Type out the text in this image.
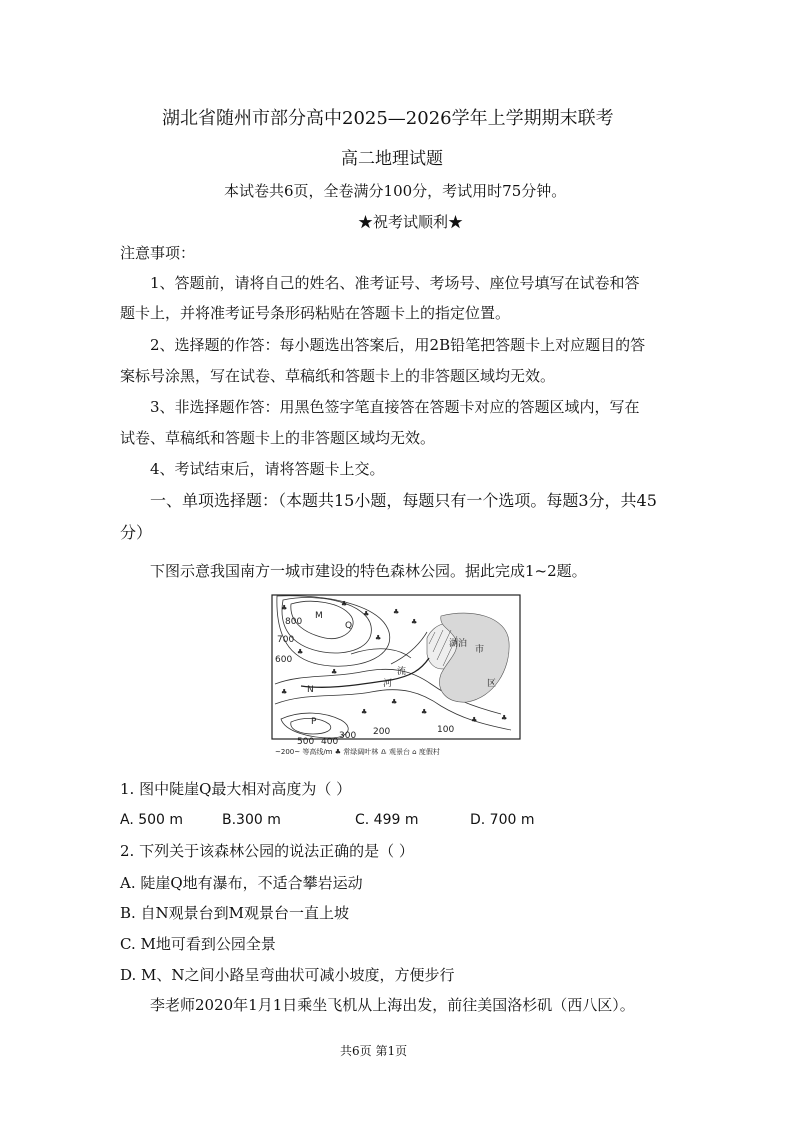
湖北省随州市部分高中2025—2026学年上学期期末联考
高二地理试题
本试卷共6页，全卷满分100分，考试用时75分钟。
★祝考试顺利★
注意事项：
1、答题前，请将自己的姓名、准考证号、考场号、座位号填写在试卷和答
题卡上，并将准考证号条形码粘贴在答题卡上的指定位置。
2、选择题的作答：每小题选出答案后，用2B铅笔把答题卡上对应题目的答
案标号涂黑，写在试卷、草稿纸和答题卡上的非答题区域均无效。
3、非选择题作答：用黑色签字笔直接答在答题卡对应的答题区域内，写在
试卷、草稿纸和答题卡上的非答题区域均无效。
4、考试结束后，请将答题卡上交。
一、单项选择题：（本题共15小题，每题只有一个选项。每题3分，共45
分）
下图示意我国南方一城市建设的特色森林公园。据此完成1~2题。
800
700
600
500 400
300 200	100
M
Q
N
P
湖泊
市
区
河
流
♣
♣
♣
♣
♣
♣
♣
♣
♣	♣
♣	♣
♣
♣
~200~ 等高线/m ♣ 常绿阔叶林 ♎ 观景台 ⌂ 度假村
1. 图中陡崖Q最大相对高度为（ ）
A. 500 m	B.300 m	C. 499 m	D. 700 m
2. 下列关于该森林公园的说法正确的是（ ）
A. 陡崖Q地有瀑布，不适合攀岩运动
B. 自N观景台到M观景台一直上坡
C. M地可看到公园全景
D. M、N之间小路呈弯曲状可减小坡度，方便步行
李老师2020年1月1日乘坐飞机从上海出发，前往美国洛杉矶（西八区）。
共6页 第1页
